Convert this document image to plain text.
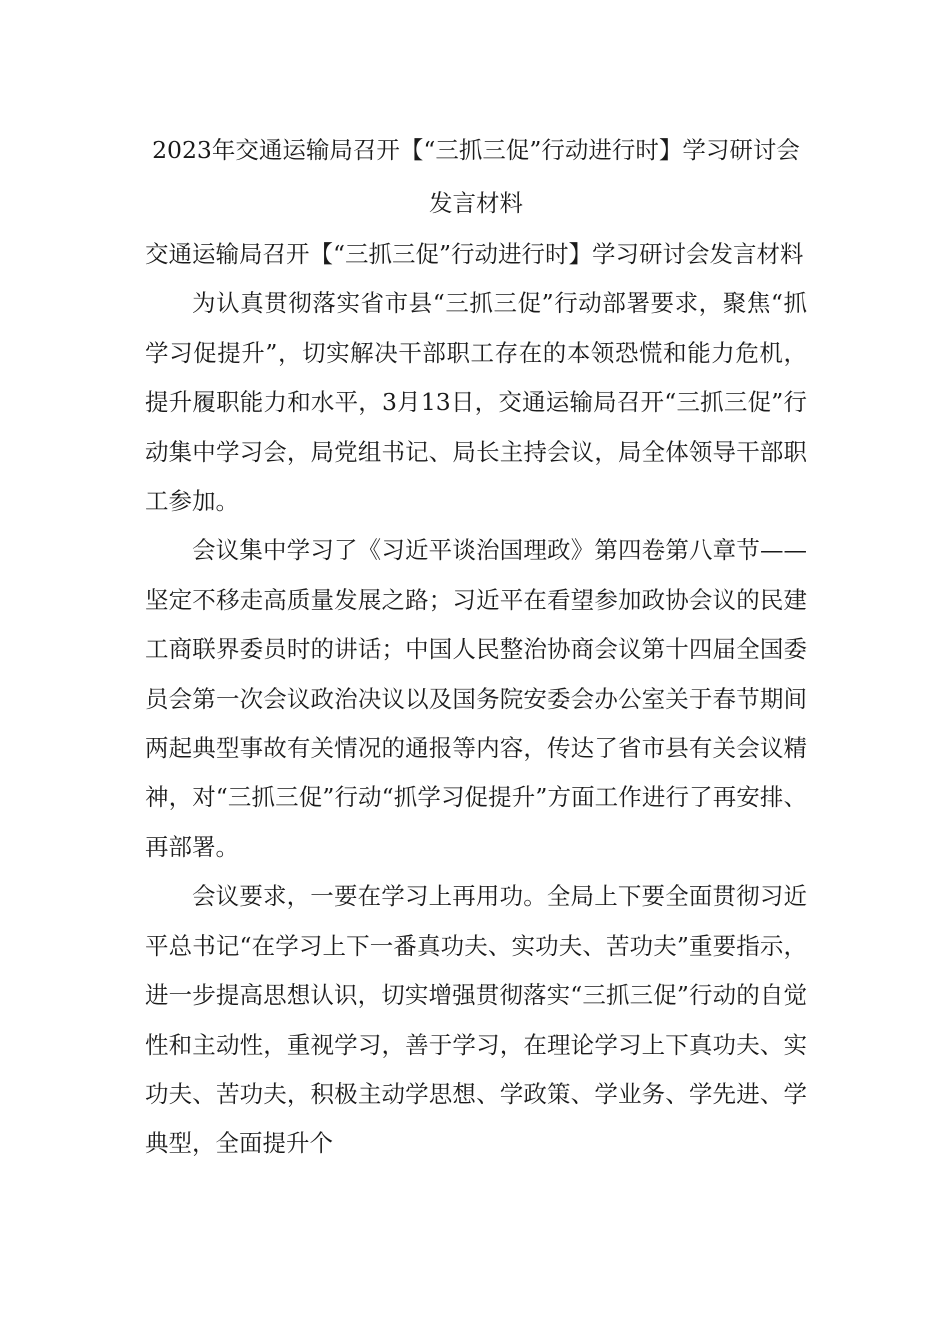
2023年交通运输局召开【“三抓三促”行动进行时】学习研讨会发言材料

交通运输局召开【“三抓三促”行动进行时】学习研讨会发言材料

为认真贯彻落实省市县“三抓三促”行动部署要求，聚焦“抓学习促提升”，切实解决干部职工存在的本领恐慌和能力危机，提升履职能力和水平，3月13日，交通运输局召开“三抓三促”行动集中学习会，局党组书记、局长主持会议，局全体领导干部职工参加。

会议集中学习了《习近平谈治国理政》第四卷第八章节——坚定不移走高质量发展之路；习近平在看望参加政协会议的民建工商联界委员时的讲话；中国人民整治协商会议第十四届全国委员会第一次会议政治决议以及国务院安委会办公室关于春节期间两起典型事故有关情况的通报等内容，传达了省市县有关会议精神，对“三抓三促”行动“抓学习促提升”方面工作进行了再安排、再部署。

会议要求，一要在学习上再用功。全局上下要全面贯彻习近平总书记“在学习上下一番真功夫、实功夫、苦功夫”重要指示，进一步提高思想认识，切实增强贯彻落实“三抓三促”行动的自觉性和主动性，重视学习，善于学习，在理论学习上下真功夫、实功夫、苦功夫，积极主动学思想、学政策、学业务、学先进、学典型，全面提升个
